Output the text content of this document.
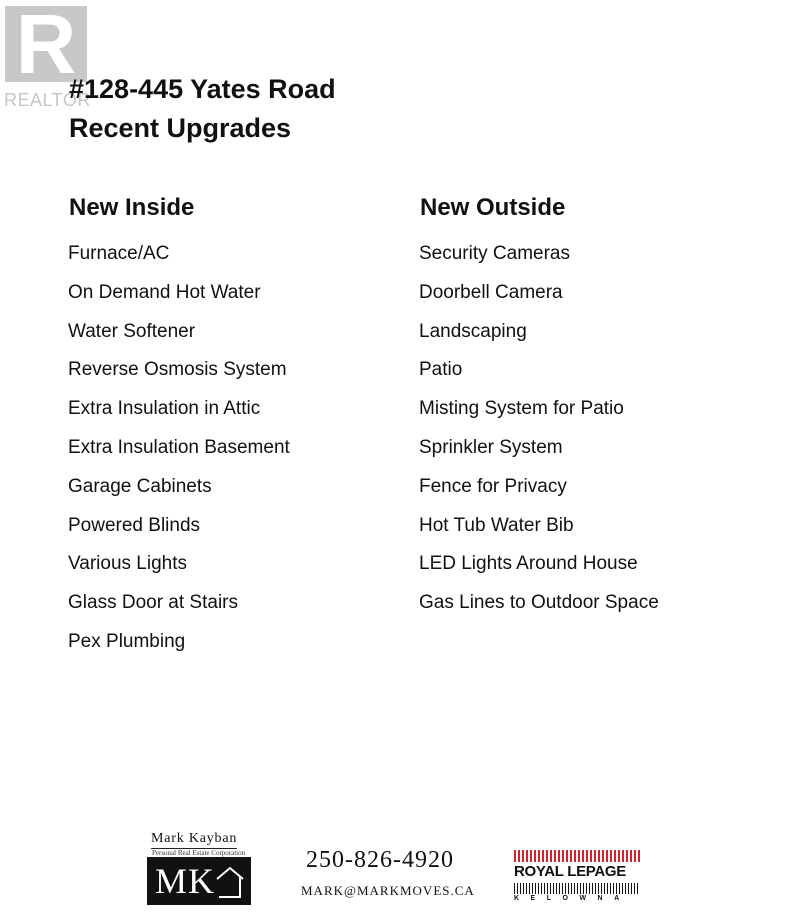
R
REALTOR
#128-445 Yates Road
Recent Upgrades
New Inside
Furnace/AC
On Demand Hot Water
Water Softener
Reverse Osmosis System
Extra Insulation in Attic
Extra Insulation Basement
Garage Cabinets
Powered Blinds
Various Lights
Glass Door at Stairs
Pex Plumbing
New Outside
Security Cameras
Doorbell Camera
Landscaping
Patio
Misting System for Patio
Sprinkler System
Fence for Privacy
Hot Tub Water Bib
LED Lights Around House
Gas Lines to Outdoor Space
Mark Kayban
Personal Real Estate Corporation
MK
250-826-4920
MARK@MARKMOVES.CA
ROYAL LEPAGE
KELOWNA
